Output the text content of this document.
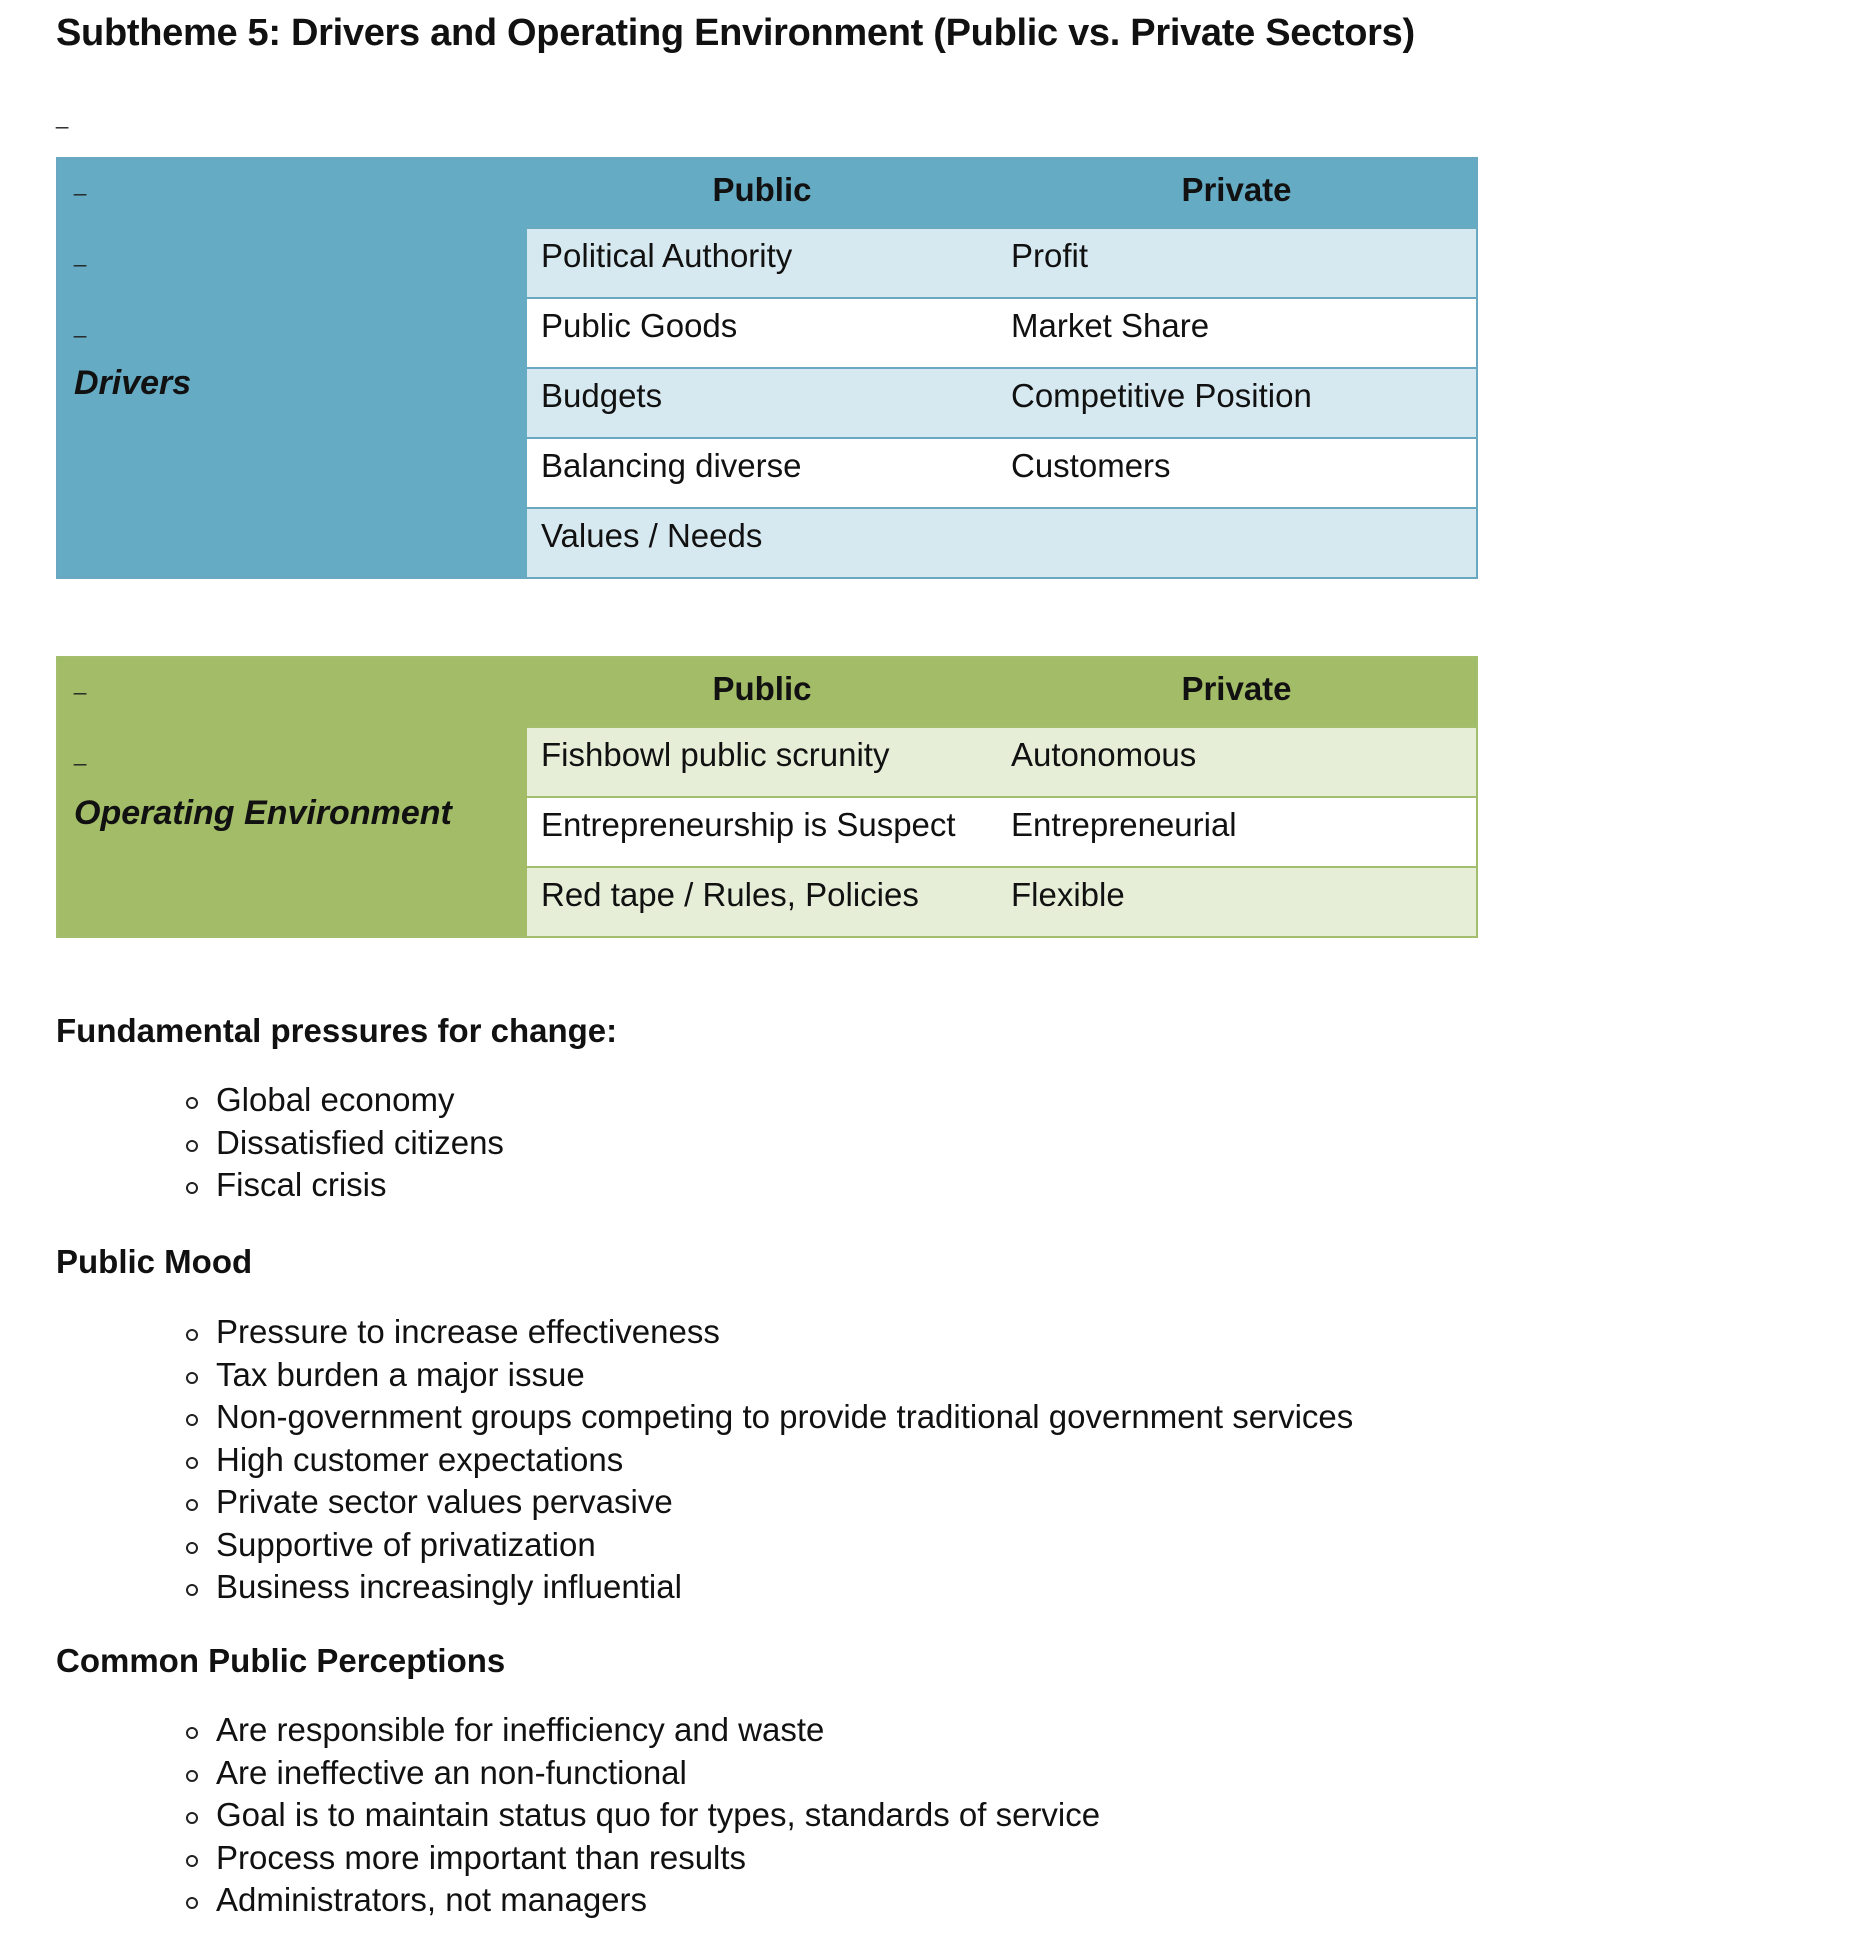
Subtheme 5: Drivers and Operating Environment (Public vs. Private Sectors)
_
_
_
_
Drivers	Public	Private
	Political Authority	Profit
	Public Goods	Market Share
	Budgets	Competitive Position
	Balancing diverse	Customers
	Values / Needs	
_
_
Operating Environment	Public	Private
	Fishbowl public scrunity	Autonomous
	Entrepreneurship is Suspect	Entrepreneurial
	Red tape / Rules, Policies	Flexible
Fundamental pressures for change:
Global economy
Dissatisfied citizens
Fiscal crisis
Public Mood
Pressure to increase effectiveness
Tax burden a major issue
Non-government groups competing to provide traditional government services
High customer expectations
Private sector values pervasive
Supportive of privatization
Business increasingly influential
Common Public Perceptions
Are responsible for inefficiency and waste
Are ineffective an non-functional
Goal is to maintain status quo for types, standards of service
Process more important than results
Administrators, not managers
